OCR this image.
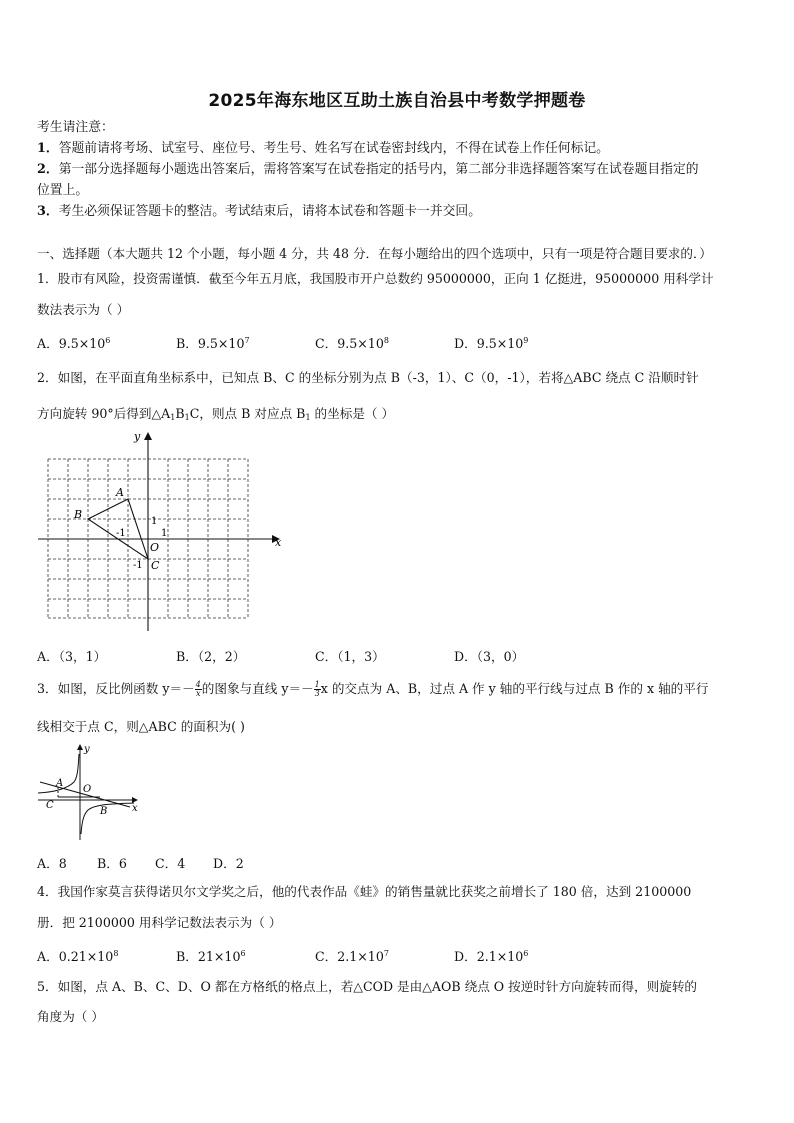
2025年海东地区互助土族自治县中考数学押题卷
考生请注意：
1．答题前请将考场、试室号、座位号、考生号、姓名写在试卷密封线内，不得在试卷上作任何标记。
2．第一部分选择题每小题选出答案后，需将答案写在试卷指定的括号内，第二部分非选择题答案写在试卷题目指定的
位置上。
3．考生必须保证答题卡的整洁。考试结束后，请将本试卷和答题卡一并交回。
一、选择题（本大题共 12 个小题，每小题 4 分，共 48 分．在每小题给出的四个选项中，只有一项是符合题目要求的．）
1．股市有风险，投资需谨慎．截至今年五月底，我国股市开户总数约 95000000，正向 1 亿挺进，95000000 用科学计
数法表示为（ ）
A．$9.5\times 10^6$	B．$9.5\times 10^7$	C．$9.5\times 10^8$	D．$9.5\times 10^9$
2．如图，在平面直角坐标系中，已知点 B、C 的坐标分别为点 B（-3，1）、C（0，-1），若将△ABC 绕点 C 沿顺时针
方向旋转 90°后得到$\triangle A_1B_1C$，则点 B 对应点 $B_1$ 的坐标是（ ）
x
y
A
B
C
O
1
-1	1
-1
A．（3，1）	B．（2，2）	C．（1，3）	D．（3，0）
3．如图，反比例函数 $y=- \frac{4}{x}$ 的图象与直线 $y=- \frac{1}{3}$ x 的交点为 A、B，过点 A 作 y 轴的平行线与过点 B 作的 x 轴的平行
线相交于点 C，则△ABC 的面积为( )
x
y
A
B
C
O
A．8 B．6 C．4 D．2
4．我国作家莫言获得诺贝尔文学奖之后，他的代表作品《蛙》的销售量就比获奖之前增长了 180 倍，达到 2100000
册．把 2100000 用科学记数法表示为（ ）
A．$0.21\times 10^8$	B．$21\times 10^6$	C．$2.1\times 10^7$	D．$2.1\times 10^6$
5．如图，点 A、B、C、D、O 都在方格纸的格点上，若△COD 是由△AOB 绕点 O 按逆时针方向旋转而得，则旋转的
角度为（ ）
